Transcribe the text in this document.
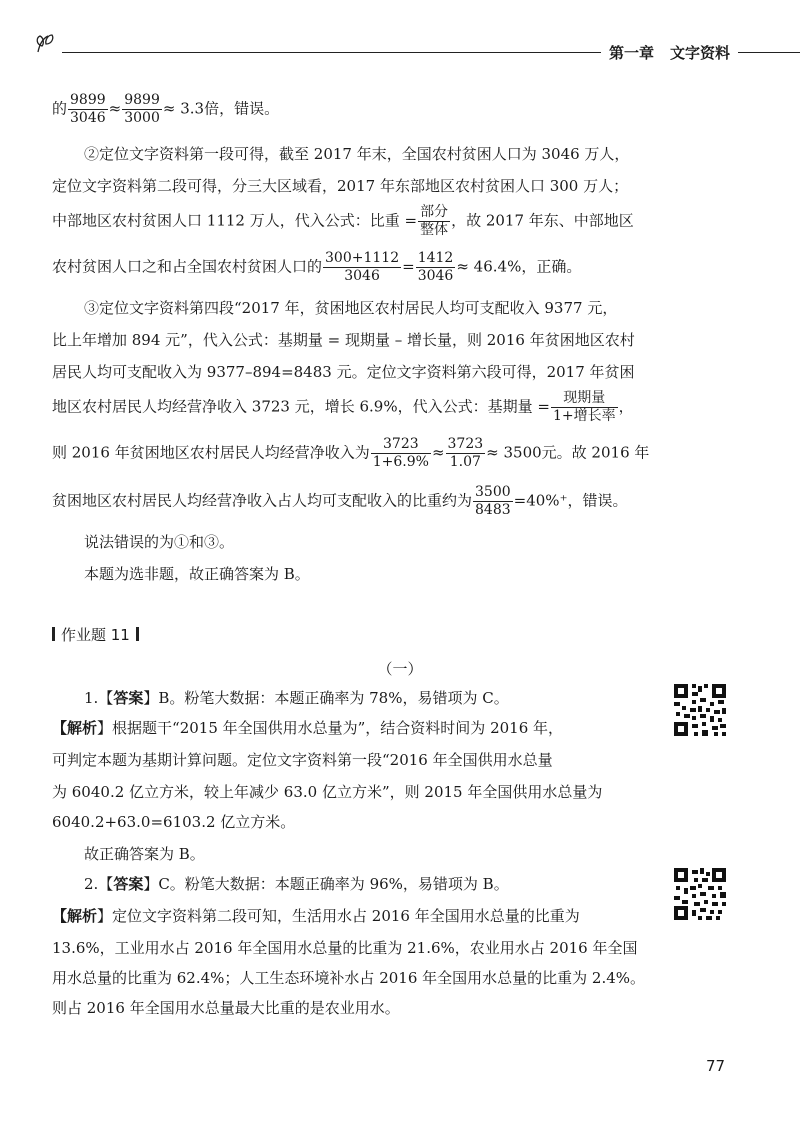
第一章 文字资料
的 $\frac{9899}{3046} \approx \frac{9899}{3000} \approx 3.3$倍，错误。
②定位文字资料第一段可得，截至 2017 年末，全国农村贫困人口为 3046 万人，
定位文字资料第二段可得，分三大区域看，2017 年东部地区农村贫困人口 300 万人；
中部地区农村贫困人口 1112 万人，代入公式：比重 = $\frac{\text{部分}}{\text{整体}}$ ，故 2017 年东、中部地区
农村贫困人口之和占全国农村贫困人口的 $\frac{300+1112}{3046} = \frac{1412}{3046} \approx 46.4\%$，正确。
③定位文字资料第四段“2017 年，贫困地区农村居民人均可支配收入 9377 元，
比上年增加 894 元”，代入公式：基期量 = 现期量 – 增长量，则 2016 年贫困地区农村
居民人均可支配收入为 9377–894=8483 元。定位文字资料第六段可得，2017 年贫困
地区农村居民人均经营净收入 3723 元，增长 6.9%，代入公式：基期量 = $\frac{\text{现期量}}{\text{1+增长率}}$ ，
则 2016 年贫困地区农村居民人均经营净收入为 $\frac{3723}{1+6.9\%} \approx \frac{3723}{1.07} \approx 3500$元。故 2016 年
贫困地区农村居民人均经营净收入占人均可支配收入的比重约为 $\frac{3500}{8483} =40\%^+$，错误。
说法错误的为①和③。
本题为选非题，故正确答案为 B。
作业题 11
（一）
1.【答案】B。粉笔大数据：本题正确率为 78%，易错项为 C。
【解析】根据题干“2015 年全国供用水总量为”，结合资料时间为 2016 年，
可判定本题为基期计算问题。定位文字资料第一段“2016 年全国供用水总量
为 6040.2 亿立方米，较上年减少 63.0 亿立方米”，则 2015 年全国供用水总量为
6040.2+63.0=6103.2 亿立方米。
故正确答案为 B。
2.【答案】C。粉笔大数据：本题正确率为 96%，易错项为 B。
【解析】定位文字资料第二段可知，生活用水占 2016 年全国用水总量的比重为
13.6%，工业用水占 2016 年全国用水总量的比重为 21.6%，农业用水占 2016 年全国
用水总量的比重为 62.4%；人工生态环境补水占 2016 年全国用水总量的比重为 2.4%。
则占 2016 年全国用水总量最大比重的是农业用水。
77
